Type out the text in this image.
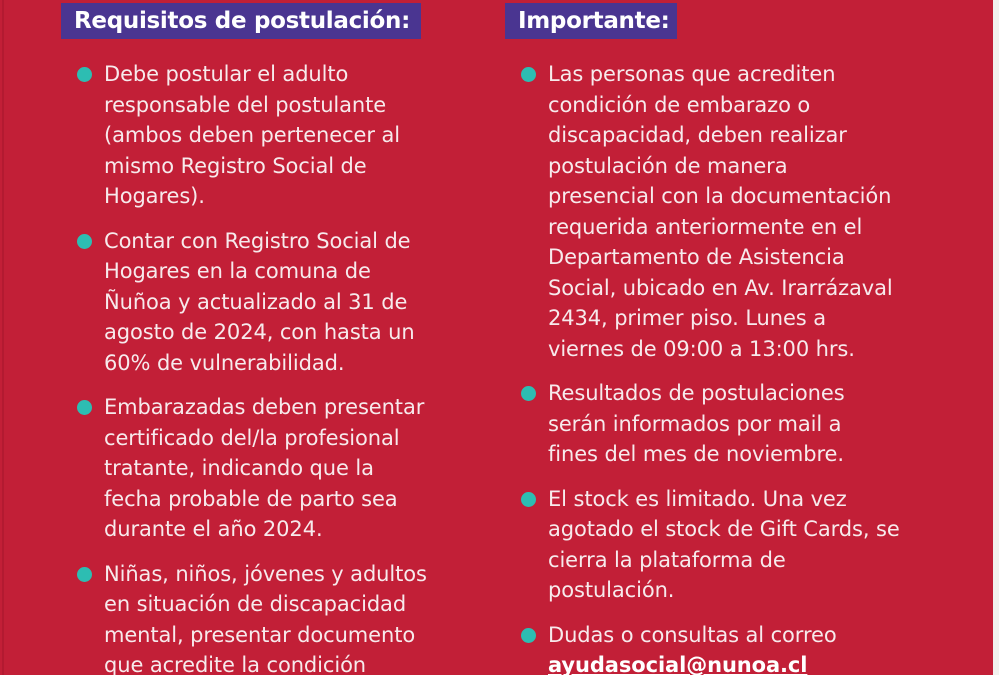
Requisitos de postulación:
Debe postular el adulto
responsable del postulante
(ambos deben pertenecer al
mismo Registro Social de
Hogares).
Contar con Registro Social de
Hogares en la comuna de
Ñuñoa y actualizado al 31 de
agosto de 2024, con hasta un
60% de vulnerabilidad.
Embarazadas deben presentar
certificado del/la profesional
tratante, indicando que la
fecha probable de parto sea
durante el año 2024.
Niñas, niños, jóvenes y adultos
en situación de discapacidad
mental, presentar documento
que acredite la condición
Importante:
Las personas que acrediten
condición de embarazo o
discapacidad, deben realizar
postulación de manera
presencial con la documentación
requerida anteriormente en el
Departamento de Asistencia
Social, ubicado en Av. Irarrázaval
2434, primer piso. Lunes a
viernes de 09:00 a 13:00 hrs.
Resultados de postulaciones
serán informados por mail a
fines del mes de noviembre.
El stock es limitado. Una vez
agotado el stock de Gift Cards, se
cierra la plataforma de
postulación.
Dudas o consultas al correo
ayudasocial@nunoa.cl
